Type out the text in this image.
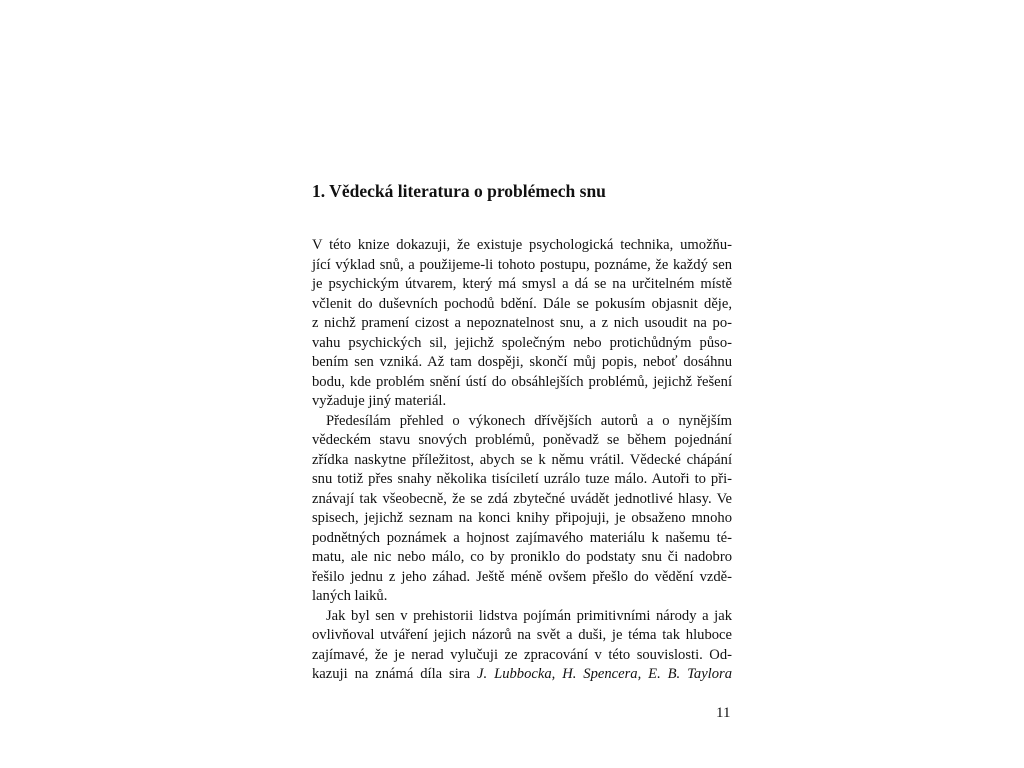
1. Vědecká literatura o problémech snu
V této knize dokazuji, že existuje psychologická technika, umožňu-
jící výklad snů, a použijeme-li tohoto postupu, poznáme, že každý sen
je psychickým útvarem, který má smysl a dá se na určitelném místě
včlenit do duševních pochodů bdění. Dále se pokusím objasnit děje,
z nichž pramení cizost a nepoznatelnost snu, a z nich usoudit na po-
vahu psychických sil, jejichž společným nebo protichůdným půso-
bením sen vzniká. Až tam dospěji, skončí můj popis, neboť dosáhnu
bodu, kde problém snění ústí do obsáhlejších problémů, jejichž řešení
vyžaduje jiný materiál.
Předesílám přehled o výkonech dřívějších autorů a o nynějším
vědeckém stavu snových problémů, poněvadž se během pojednání
zřídka naskytne příležitost, abych se k němu vrátil. Vědecké chápání
snu totiž přes snahy několika tisíciletí uzrálo tuze málo. Autoři to při-
znávají tak všeobecně, že se zdá zbytečné uvádět jednotlivé hlasy. Ve
spisech, jejichž seznam na konci knihy připojuji, je obsaženo mnoho
podnětných poznámek a hojnost zajímavého materiálu k našemu té-
matu, ale nic nebo málo, co by proniklo do podstaty snu či nadobro
řešilo jednu z jeho záhad. Ještě méně ovšem přešlo do vědění vzdě-
laných laiků.
Jak byl sen v prehistorii lidstva pojímán primitivními národy a jak
ovlivňoval utváření jejich názorů na svět a duši, je téma tak hluboce
zajímavé, že je nerad vylučuji ze zpracování v této souvislosti. Od-
kazuji na známá díla sira J. Lubbocka, H. Spencera, E. B. Taylora
11
